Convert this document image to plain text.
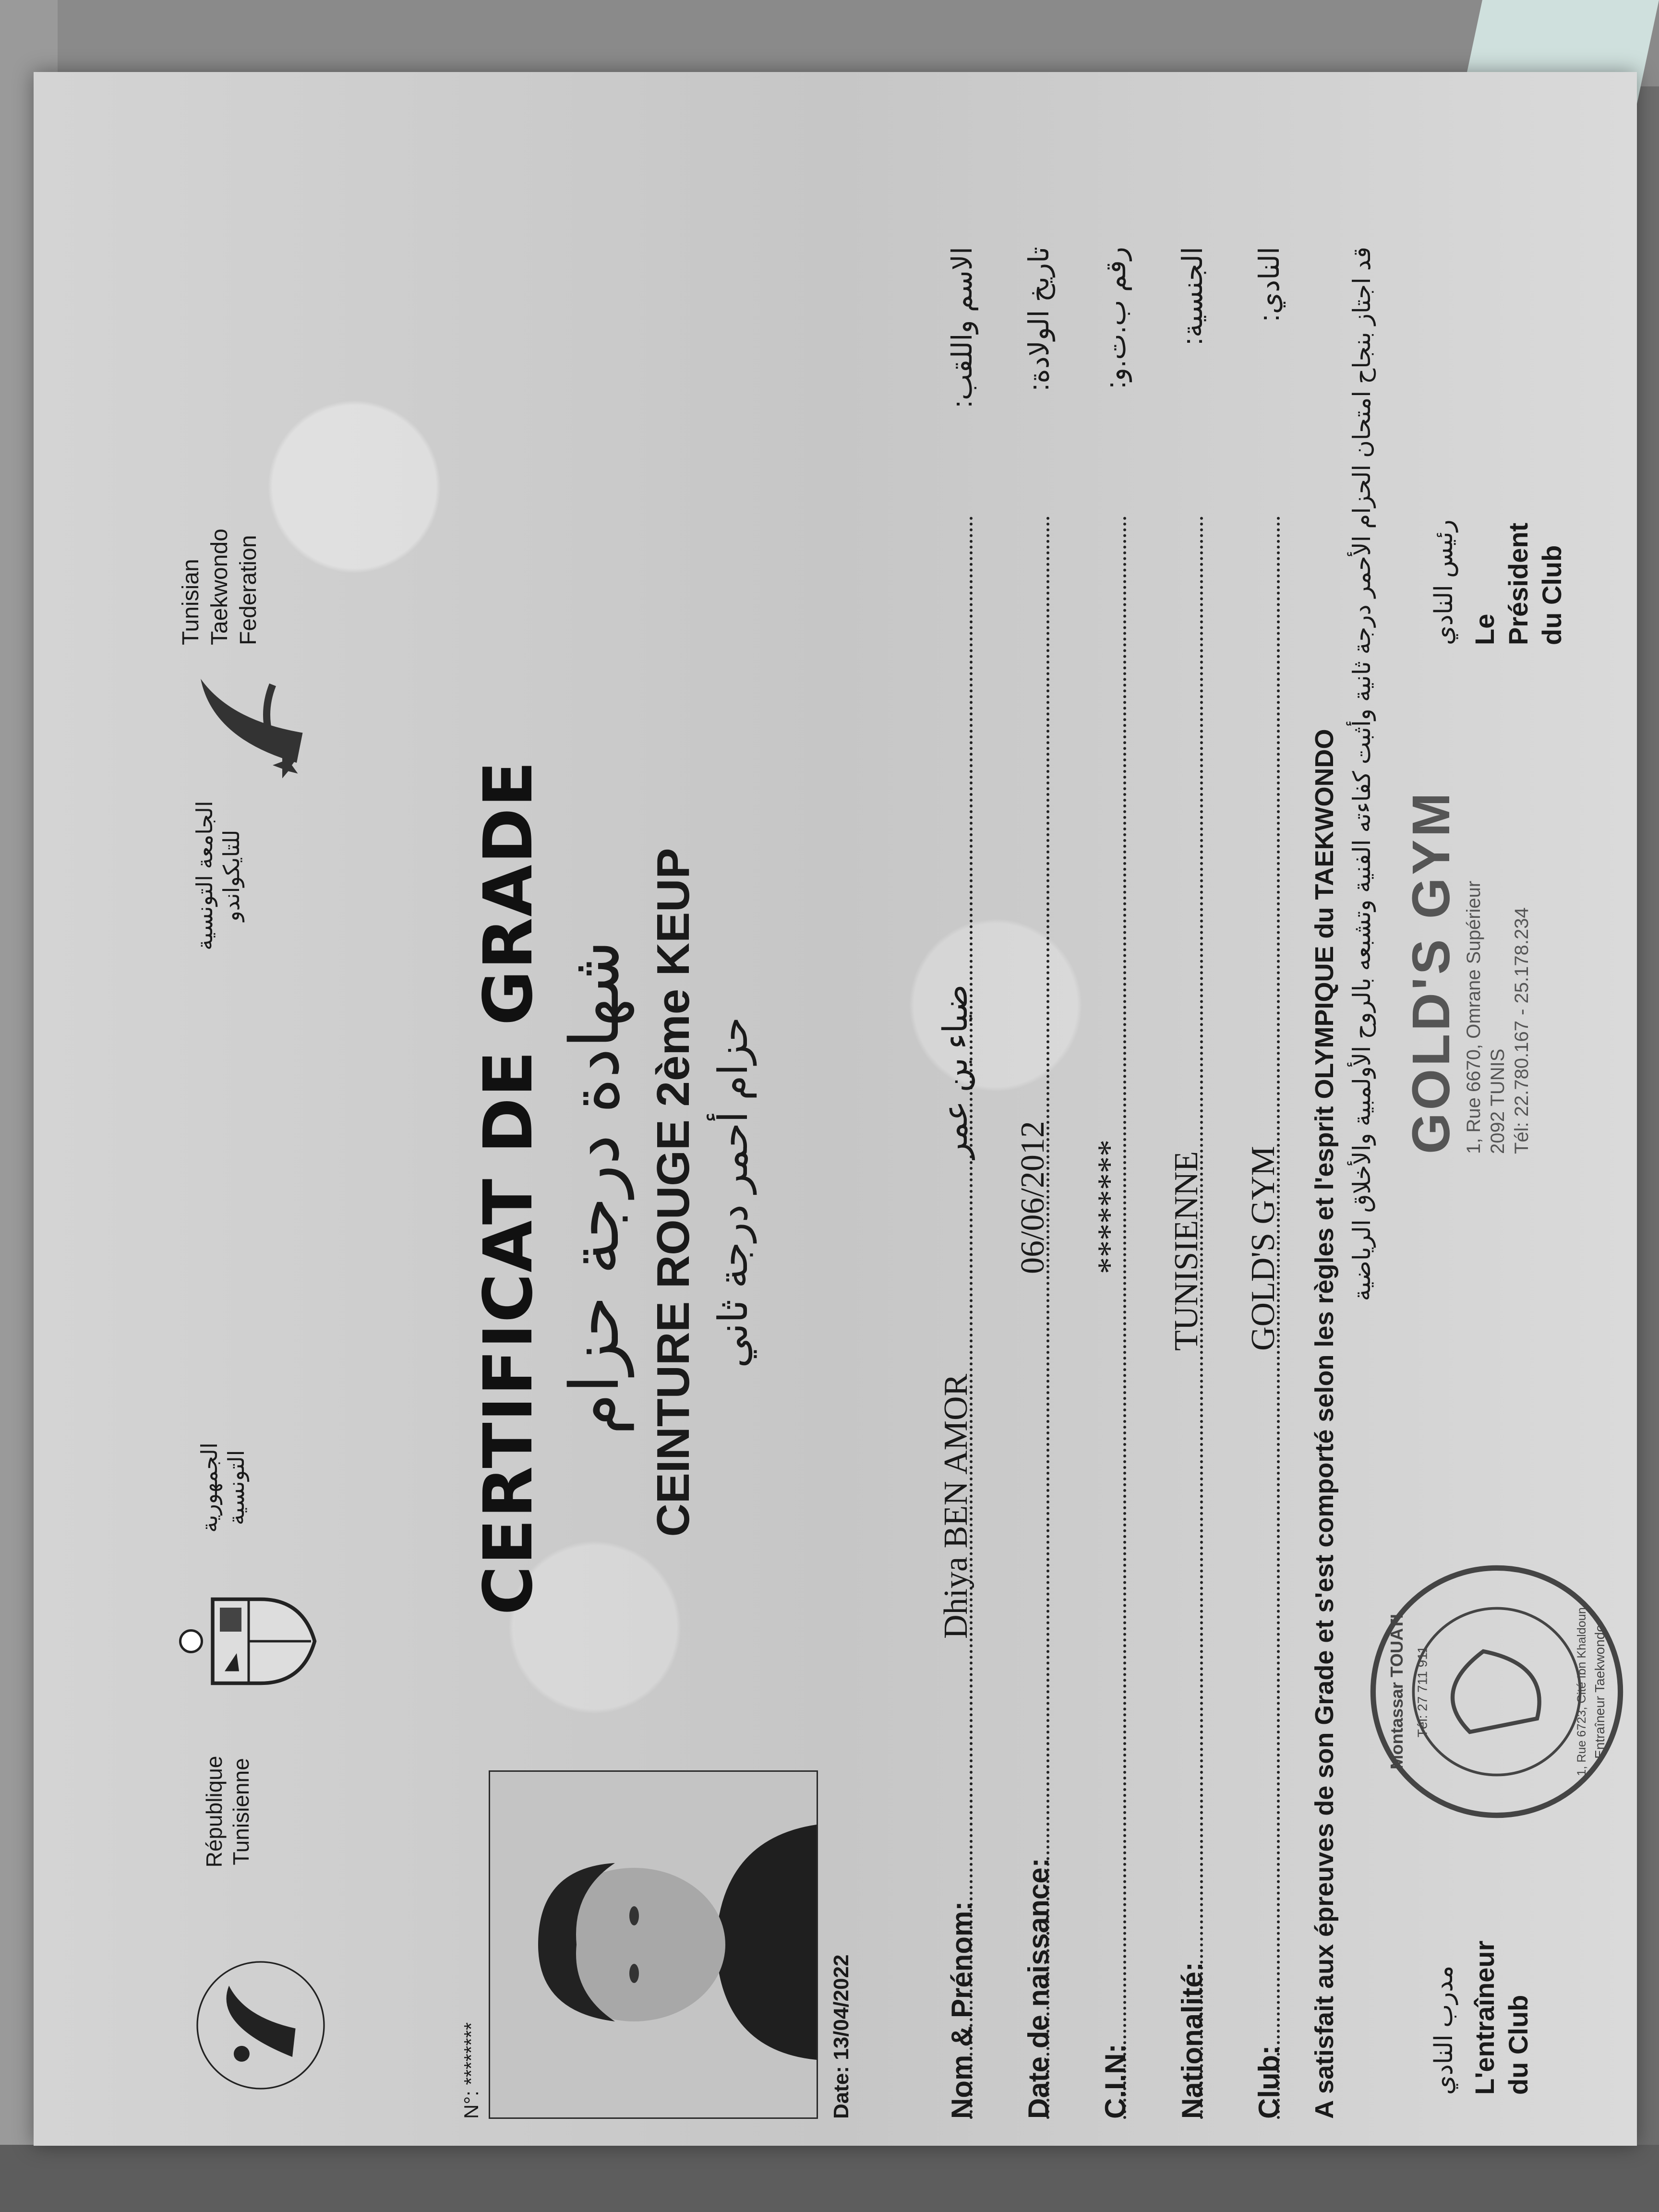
République Tunisienne
الجمهورية التونسية
الجامعة التونسية للتايكواندو
Tunisian Taekwondo Federation
N°: ********	Date: 13/04/2022
CERTIFICAT DE GRADE شهادة درجة حزام CEINTURE ROUGE 2ème KEUP حزام أحمر درجة ثاني
Nom & Prénom:
Dhiya BEN AMOR
ضياء بن عمر
الاسم واللقب:
Date de naissance:
06/06/2012
تاريخ الولادة:
C.I.N:
********
رقم ب.ت.و:
Nationalité:
TUNISIENNE
الجنسية:
Club:
GOLD'S GYM
النادي:
A satisfait aux épreuves de son Grade et s'est comporté selon les règles et l'esprit OLYMPIQUE du TAEKWONDO قد اجتاز بنجاح امتحان الحزام الأحمر درجة ثانية وأثبت كفاءته الفنية وتشبعه بالروح الأولمبية والأخلاق الرياضية
مدرب النادي L'entraîneur du Club
Montassar TOUATI Tél: 27 711 911	Entraîneur Taekwondo
1, Rue 6723, Cité Ibn Khaldoun
GOLD'S GYM 1, Rue 6670, Omrane Supérieur 2092 TUNIS Tél: 22.780.167 - 25.178.234
رئيس النادي Le Président du Club
